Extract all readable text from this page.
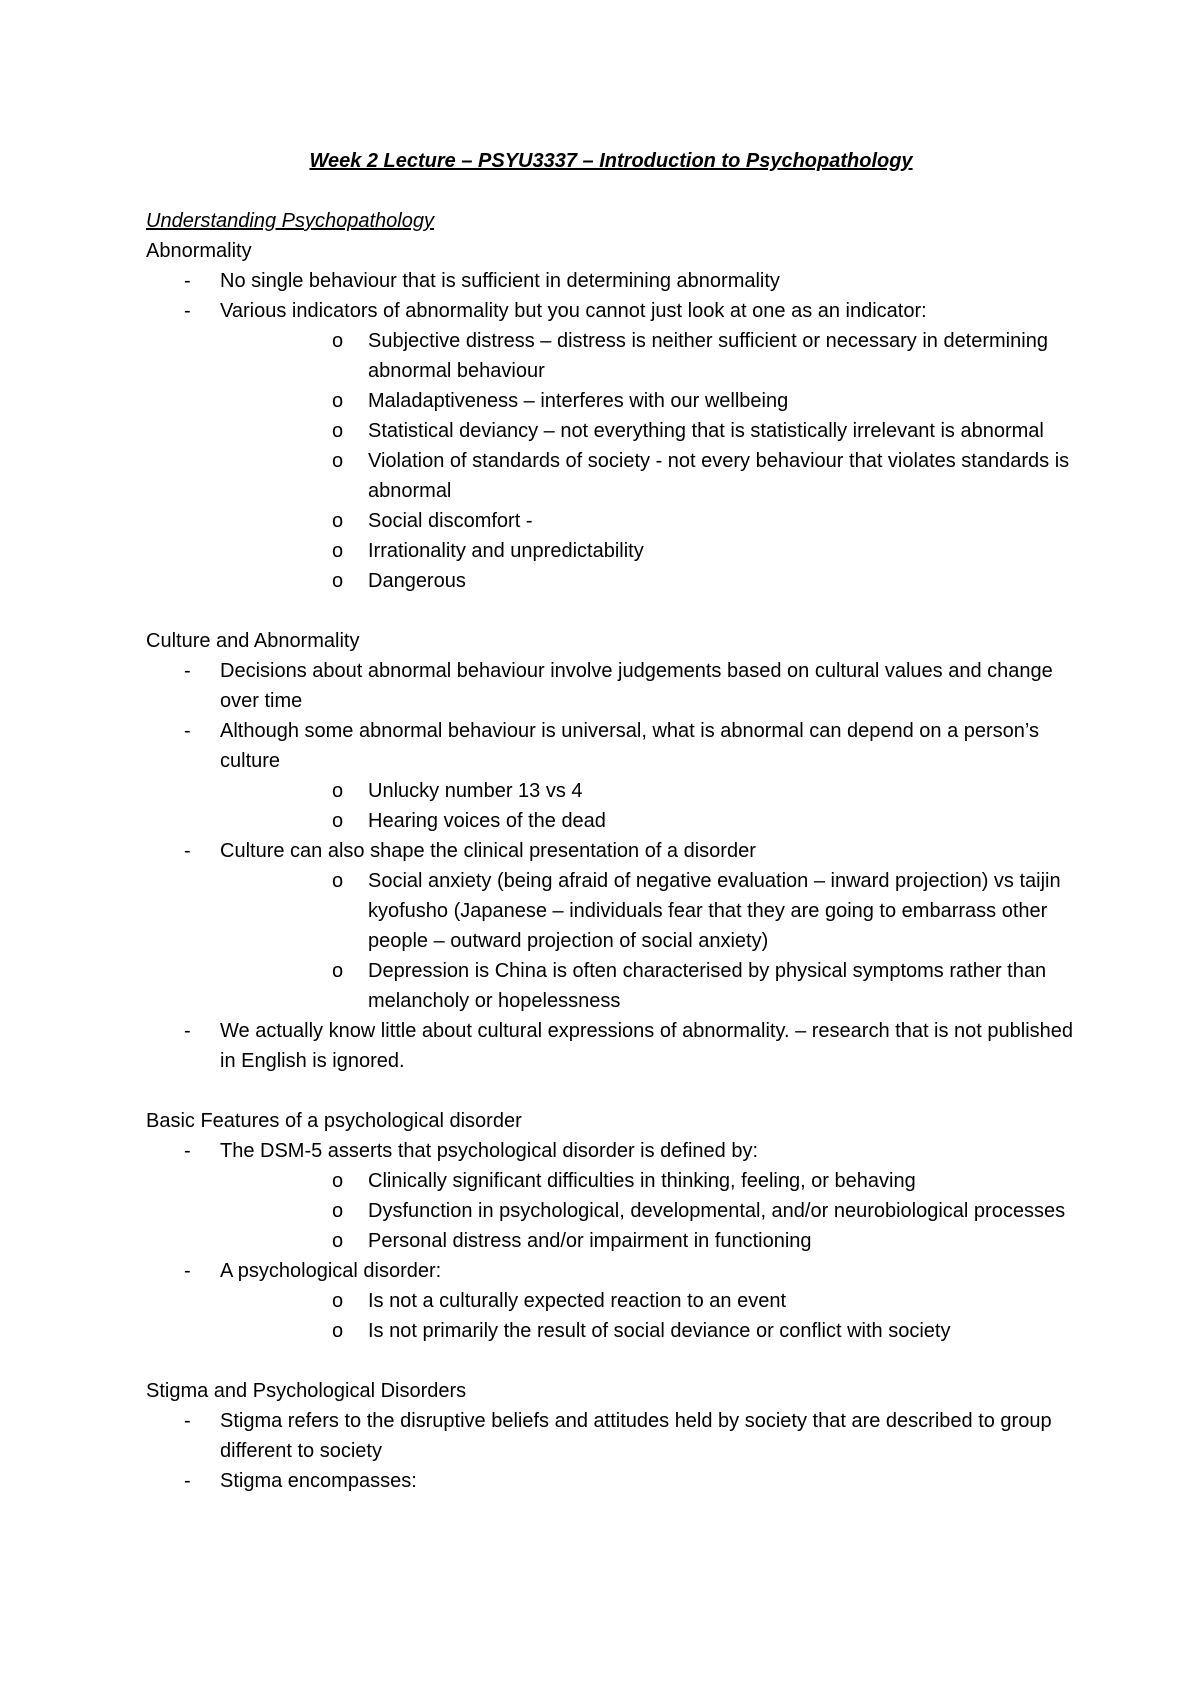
Week 2 Lecture – PSYU3337 – Introduction to Psychopathology
Understanding Psychopathology
Abnormality
- No single behaviour that is sufficient in determining abnormality
- Various indicators of abnormality but you cannot just look at one as an indicator:
o Subjective distress – distress is neither sufficient or necessary in determining abnormal behaviour
o Maladaptiveness – interferes with our wellbeing
o Statistical deviancy – not everything that is statistically irrelevant is abnormal
o Violation of standards of society - not every behaviour that violates standards is abnormal
o Social discomfort -
o Irrationality and unpredictability
o Dangerous
Culture and Abnormality
- Decisions about abnormal behaviour involve judgements based on cultural values and change over time
- Although some abnormal behaviour is universal, what is abnormal can depend on a person’s culture
o Unlucky number 13 vs 4
o Hearing voices of the dead
- Culture can also shape the clinical presentation of a disorder
o Social anxiety (being afraid of negative evaluation – inward projection) vs taijin kyofusho (Japanese – individuals fear that they are going to embarrass other people – outward projection of social anxiety)
o Depression is China is often characterised by physical symptoms rather than melancholy or hopelessness
- We actually know little about cultural expressions of abnormality. – research that is not published in English is ignored.
Basic Features of a psychological disorder
- The DSM-5 asserts that psychological disorder is defined by:
o Clinically significant difficulties in thinking, feeling, or behaving
o Dysfunction in psychological, developmental, and/or neurobiological processes
o Personal distress and/or impairment in functioning
- A psychological disorder:
o Is not a culturally expected reaction to an event
o Is not primarily the result of social deviance or conflict with society
Stigma and Psychological Disorders
- Stigma refers to the disruptive beliefs and attitudes held by society that are described to group different to society
- Stigma encompasses:
